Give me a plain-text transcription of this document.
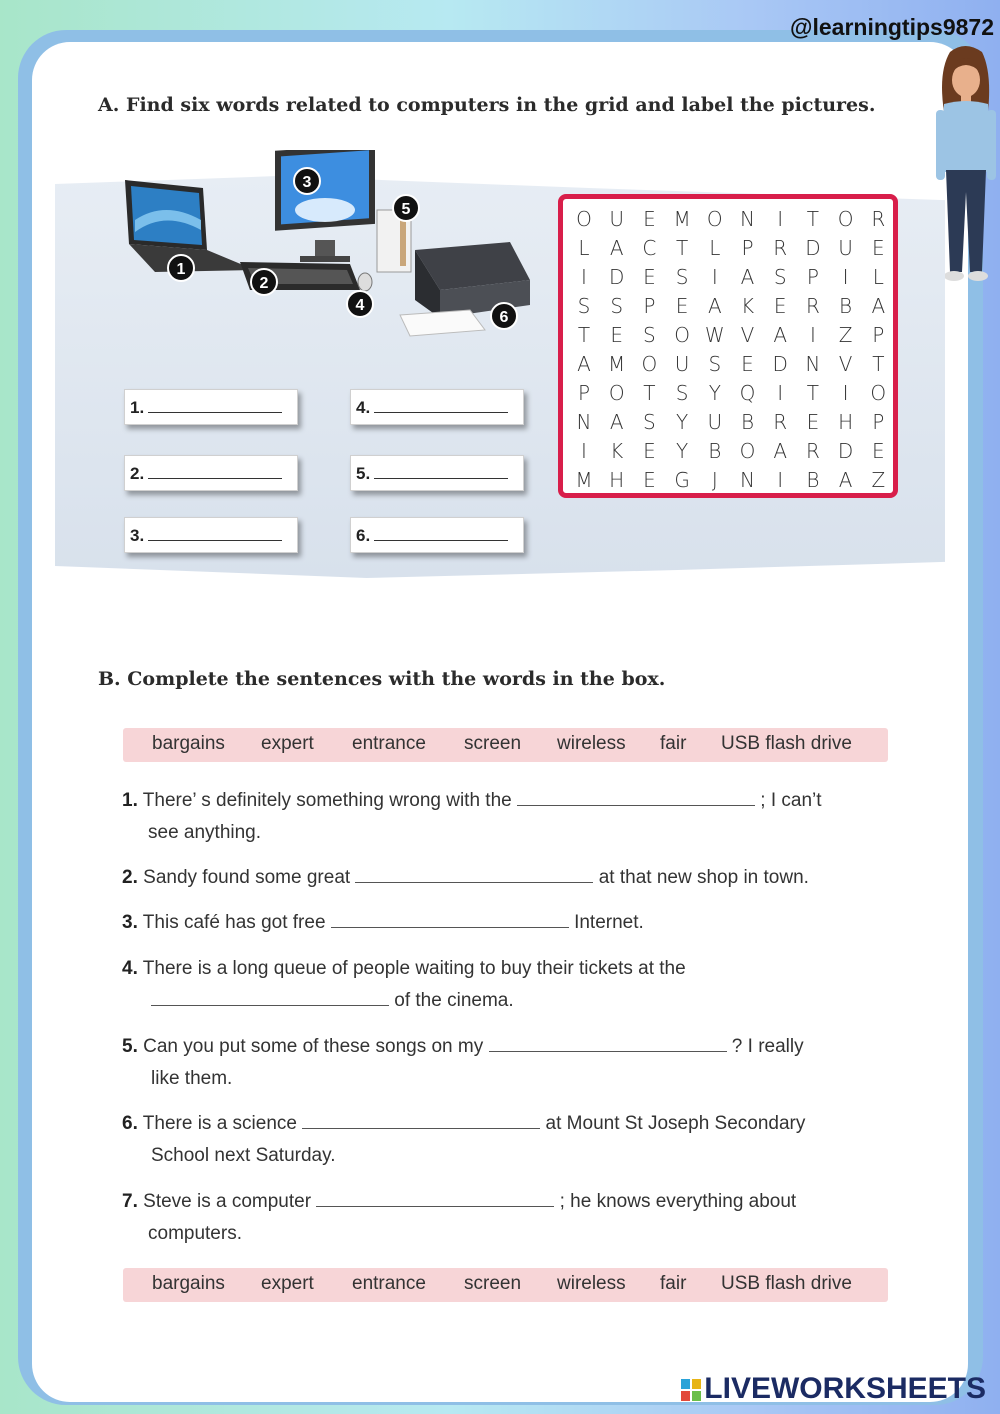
@learningtips9872
A. Find six words related to computers in the grid and label the pictures.
1
2
3
4
5
6
1.
2.
3.
4.
5.
6.
O U E M O N	I	T O R
L	A C T	L	P R D U E
I	D E	S	I	A S	P	I	L
S S	P	E A K E R B A
T	E	S O W V A	I	Z P
A M O U S	E D N V T
P O T	S	Y Q	I	T	I	O
N A S	Y U B R E H P
I	K E	Y	B O A R D E
M H E G	J	N	I	B A Z
B. Complete the sentences with the words in the box.
bargains expert entrance screen wireless fair USB flash drive
1. There’ s definitely something wrong with the	; I can’t
see anything.
2. Sandy found some great	at that new shop in town.
3. This café has got free	Internet.
4. There is a long queue of people waiting to buy their tickets at the
of the cinema.
5. Can you put some of these songs on my	? I really
like them.
6. There is a science	at Mount St Joseph Secondary
School next Saturday.
7. Steve is a computer	; he knows everything about
computers.
bargains expert entrance screen wireless fair USB flash drive
LIVEWORKSHEETS
